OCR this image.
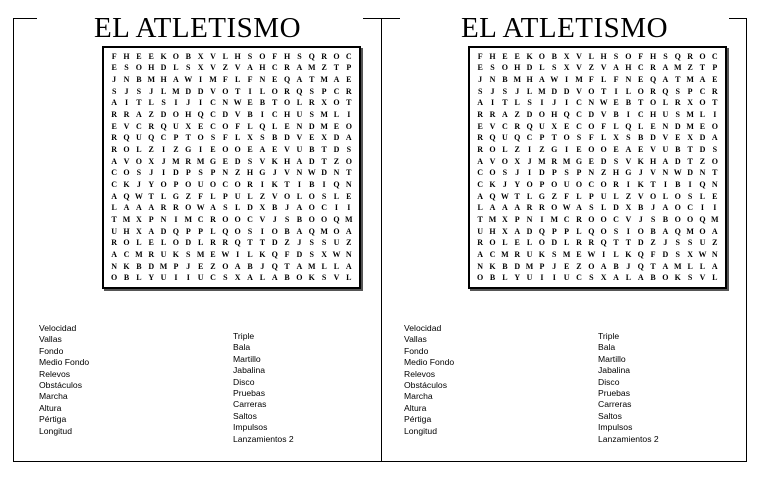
EL ATLETISMO
F H E E K O B X V L H S O F H S Q R O C
E S O H D L S X V Z V A H C R A M Z T P
J N B M H A W I M F L F N E Q A T M A E
S	J	S	J L M D D V O T	I	L O R Q S P C R
A I	T L S	I	J	I C N W E B T O L R X O T
R R A Z D O H Q C D V B	I C H U S M L	I
E V C R Q U X E C O F L Q L E N D M E O
R Q U Q C P T O S F L X S B D V E X D A
R O L Z	I	Z G I	E O O E A E V U B T D S
A V O X J M R M G E D S V K H A D T Z O
C O S	J	I D P S P N Z H G J V N W D N T
C K J Y O P O U O C O R I K T	I	B	I Q N
A Q W T L G Z F L P U L Z V O L O S L E
L A A A R R O W A S L D X B J A O C I	I
T M X P N I M C R O O C V J	S B O O Q M
U H X A D Q P P L Q O S	I O B A Q M O A
R O L E L O D L R R Q T T D Z J	S S U Z
A C M R U K S M E W I	L K Q F D S X W N
N K B D M P J E Z O A B J Q T A M L L A
O B L Y U I	I U C S X A L A B O K S V L
Velocidad
Vallas
Fondo
Medio Fondo
Relevos
Obstáculos
Marcha
Altura
Pértiga
Longitud
Triple
Bala
Martillo
Jabalina
Disco
Pruebas
Carreras
Saltos
Impulsos
Lanzamientos 2
EL ATLETISMO
F H E E K O B X V L H S O F H S Q R O C
E S O H D L S X V Z V A H C R A M Z T P
J N B M H A W I M F L F N E Q A T M A E
S	J	S	J L M D D V O T	I	L O R Q S P C R
A I	T L S	I	J	I C N W E B T O L R X O T
R R A Z D O H Q C D V B	I C H U S M L	I
E V C R Q U X E C O F L Q L E N D M E O
R Q U Q C P T O S F L X S B D V E X D A
R O L Z	I	Z G I	E O O E A E V U B T D S
A V O X J M R M G E D S V K H A D T Z O
C O S	J	I D P S P N Z H G J V N W D N T
C K J Y O P O U O C O R I K T	I	B	I Q N
A Q W T L G Z F L P U L Z V O L O S L E
L A A A R R O W A S L D X B J A O C I	I
T M X P N I M C R O O C V J	S B O O Q M
U H X A D Q P P L Q O S	I O B A Q M O A
R O L E L O D L R R Q T T D Z J	S S U Z
A C M R U K S M E W I	L K Q F D S X W N
N K B D M P J E Z O A B J Q T A M L L A
O B L Y U I	I U C S X A L A B O K S V L
Velocidad
Vallas
Fondo
Medio Fondo
Relevos
Obstáculos
Marcha
Altura
Pértiga
Longitud
Triple
Bala
Martillo
Jabalina
Disco
Pruebas
Carreras
Saltos
Impulsos
Lanzamientos 2
